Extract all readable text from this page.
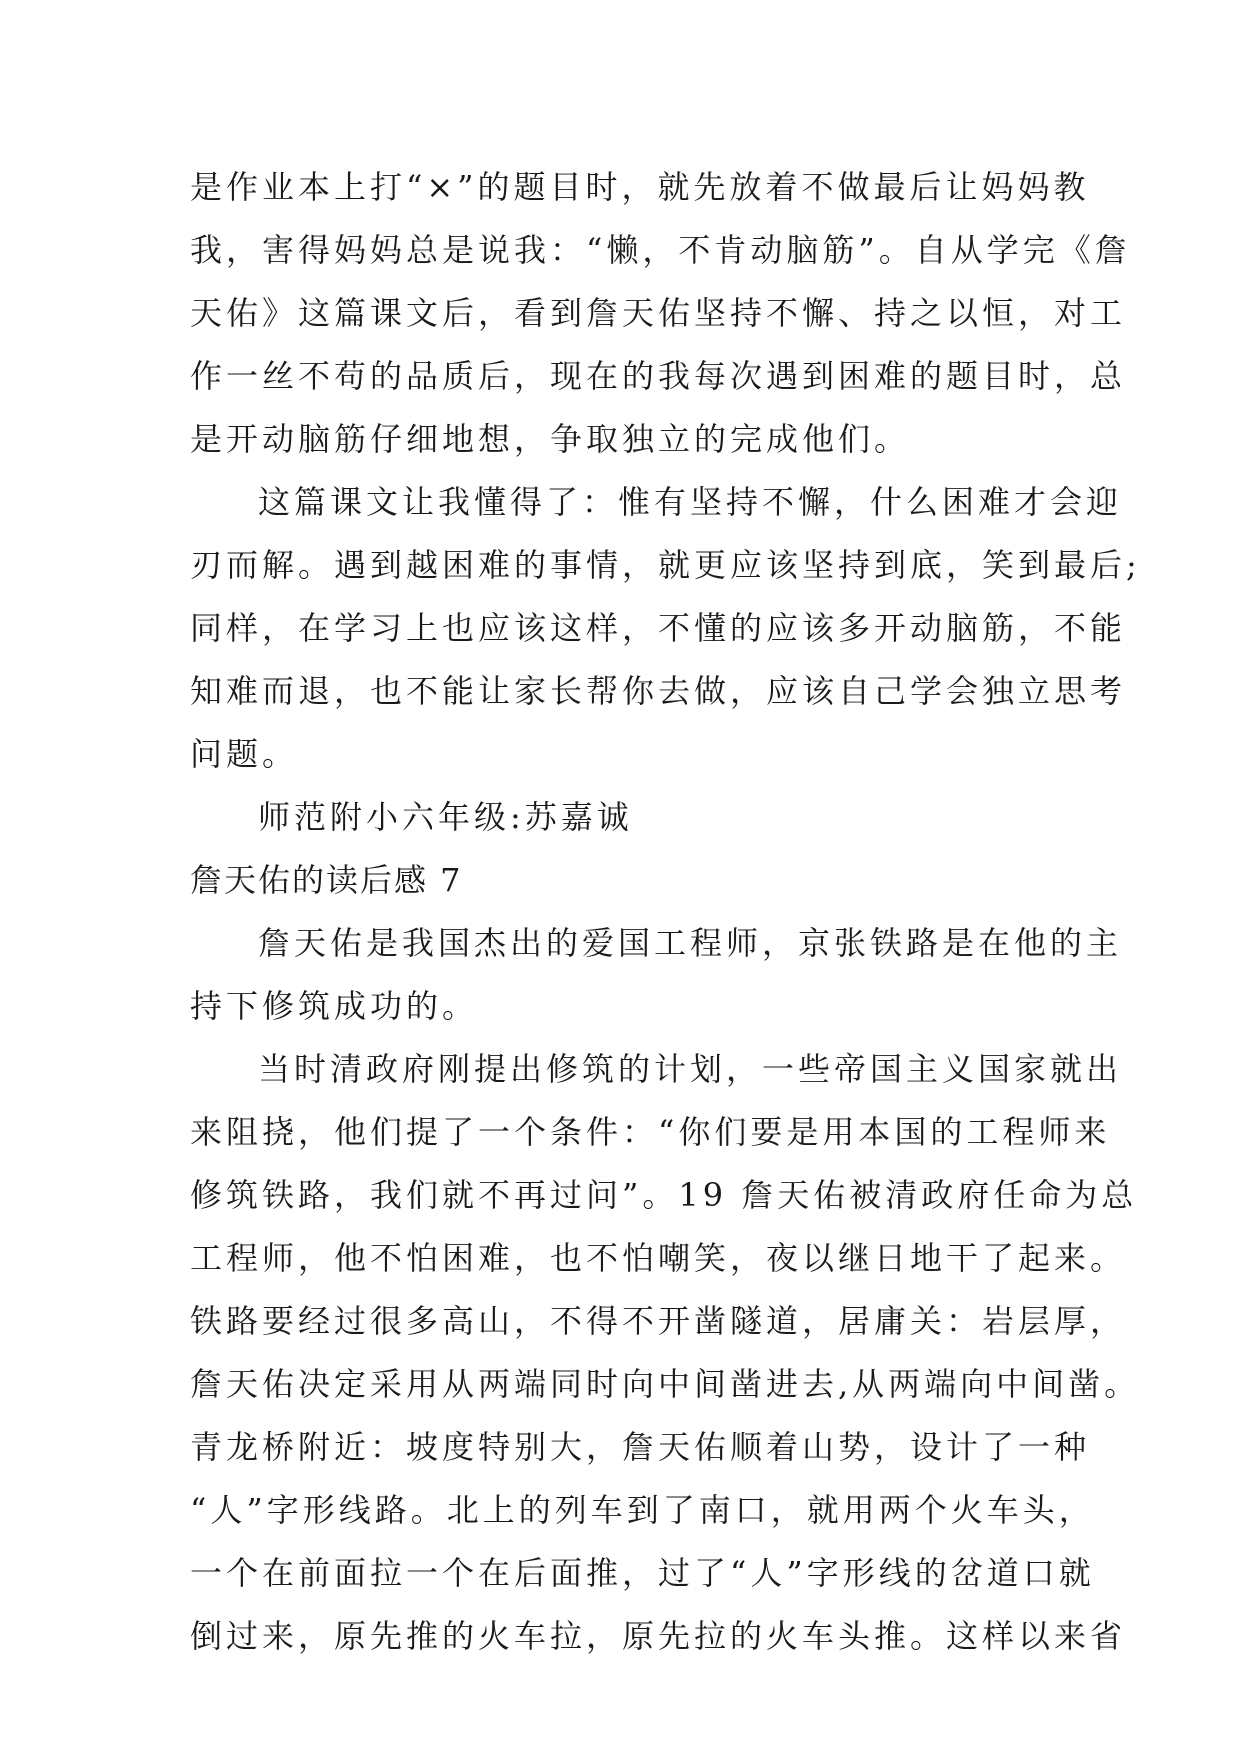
是作业本上打“×”的题目时，就先放着不做最后让妈妈教
我，害得妈妈总是说我：“懒，不肯动脑筋”。自从学完《詹
天佑》这篇课文后，看到詹天佑坚持不懈、持之以恒，对工
作一丝不苟的品质后，现在的我每次遇到困难的题目时，总
是开动脑筋仔细地想，争取独立的完成他们。
这篇课文让我懂得了：惟有坚持不懈，什么困难才会迎
刃而解。遇到越困难的事情，就更应该坚持到底，笑到最后;
同样，在学习上也应该这样，不懂的应该多开动脑筋，不能
知难而退，也不能让家长帮你去做，应该自己学会独立思考
问题。
师范附小六年级:苏嘉诚
詹天佑的读后感 7
詹天佑是我国杰出的爱国工程师，京张铁路是在他的主
持下修筑成功的。
当时清政府刚提出修筑的计划，一些帝国主义国家就出
来阻挠，他们提了一个条件：“你们要是用本国的工程师来
修筑铁路，我们就不再过问”。19 詹天佑被清政府任命为总
工程师，他不怕困难，也不怕嘲笑，夜以继日地干了起来。
铁路要经过很多高山，不得不开凿隧道，居庸关：岩层厚，
詹天佑决定采用从两端同时向中间凿进去,从两端向中间凿。
青龙桥附近：坡度特别大，詹天佑顺着山势，设计了一种
“人”字形线路。北上的列车到了南口，就用两个火车头，
一个在前面拉一个在后面推，过了“人”字形线的岔道口就
倒过来，原先推的火车拉，原先拉的火车头推。这样以来省
